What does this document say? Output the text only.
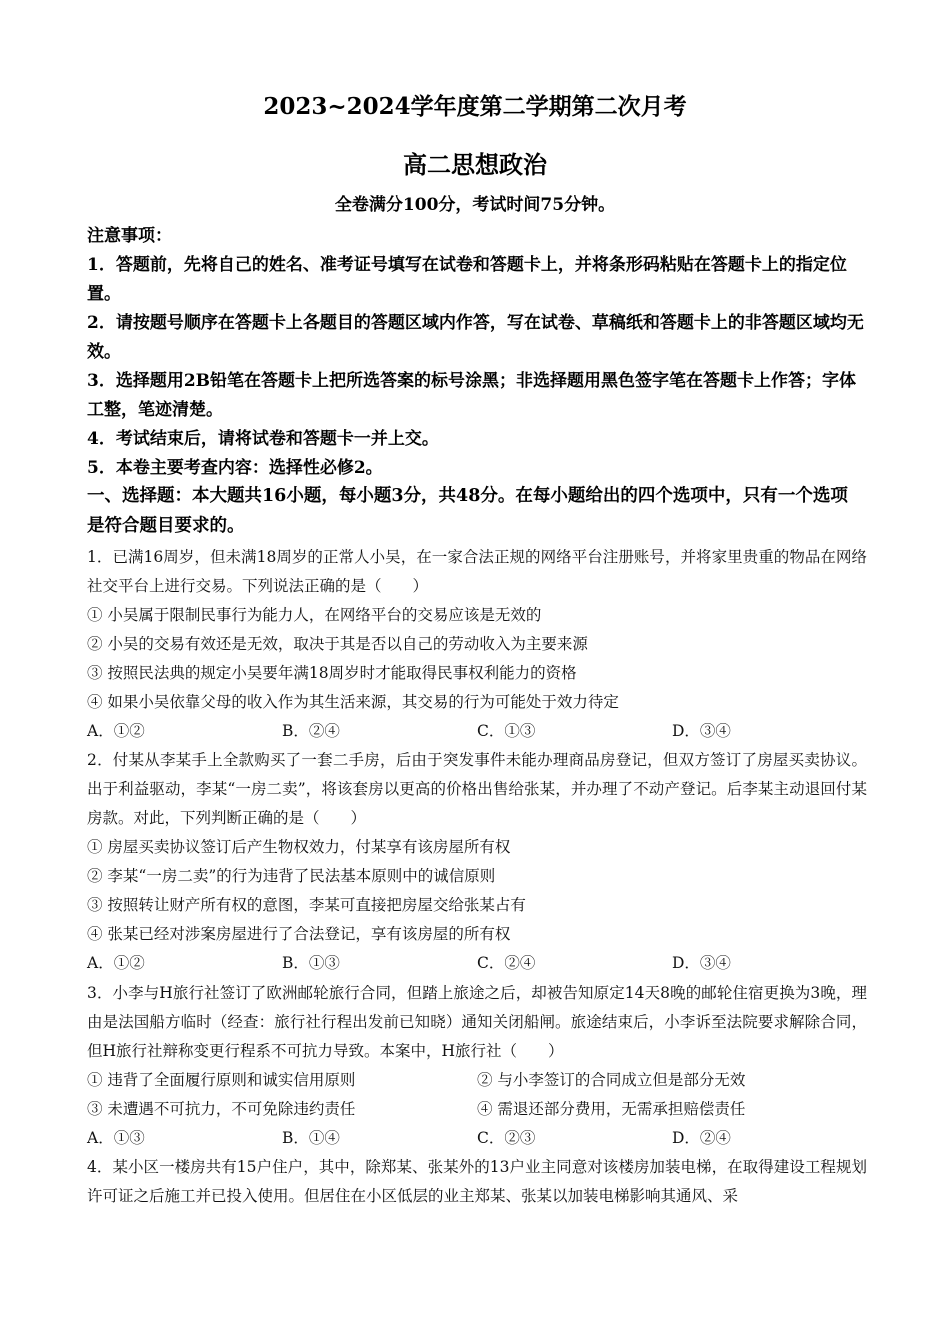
2023~2024学年度第二学期第二次月考
高二思想政治
全卷满分100分，考试时间75分钟。

注意事项：

1．答题前，先将自己的姓名、准考证号填写在试卷和答题卡上，并将条形码粘贴在答题卡上的指定位置。

2．请按题号顺序在答题卡上各题目的答题区域内作答，写在试卷、草稿纸和答题卡上的非答题区域均无效。

3．选择题用2B铅笔在答题卡上把所选答案的标号涂黑；非选择题用黑色签字笔在答题卡上作答；字体工整，笔迹清楚。

4．考试结束后，请将试卷和答题卡一并上交。

5．本卷主要考查内容：选择性必修2。

一、选择题：本大题共16小题，每小题3分，共48分。在每小题给出的四个选项中，只有一个选项是符合题目要求的。

1．已满16周岁，但未满18周岁的正常人小吴，在一家合法正规的网络平台注册账号，并将家里贵重的物品在网络社交平台上进行交易。下列说法正确的是（　　）

① 小吴属于限制民事行为能力人，在网络平台的交易应该是无效的

② 小吴的交易有效还是无效，取决于其是否以自己的劳动收入为主要来源

③ 按照民法典的规定小吴要年满18周岁时才能取得民事权利能力的资格

④ 如果小吴依靠父母的收入作为其生活来源，其交易的行为可能处于效力待定

A．①②	B．②④	C．①③	D．③④

2．付某从李某手上全款购买了一套二手房，后由于突发事件未能办理商品房登记，但双方签订了房屋买卖协议。出于利益驱动，李某“一房二卖”，将该套房以更高的价格出售给张某，并办理了不动产登记。后李某主动退回付某房款。对此，下列判断正确的是（　　）

① 房屋买卖协议签订后产生物权效力，付某享有该房屋所有权

② 李某“一房二卖”的行为违背了民法基本原则中的诚信原则

③ 按照转让财产所有权的意图，李某可直接把房屋交给张某占有

④ 张某已经对涉案房屋进行了合法登记，享有该房屋的所有权

A．①②	B．①③	C．②④	D．③④

3．小李与H旅行社签订了欧洲邮轮旅行合同，但踏上旅途之后，却被告知原定14天8晚的邮轮住宿更换为3晚，理由是法国船方临时（经查：旅行社行程出发前已知晓）通知关闭船闸。旅途结束后，小李诉至法院要求解除合同，但H旅行社辩称变更行程系不可抗力导致。本案中，H旅行社（　　）

① 违背了全面履行原则和诚实信用原则	② 与小李签订的合同成立但是部分无效
③ 未遭遇不可抗力，不可免除违约责任	④ 需退还部分费用，无需承担赔偿责任
A．①③	B．①④	C．②③	D．②④

4．某小区一楼房共有15户住户，其中，除郑某、张某外的13户业主同意对该楼房加装电梯，在取得建设工程规划许可证之后施工并已投入使用。但居住在小区低层的业主郑某、张某以加装电梯影响其通风、采
